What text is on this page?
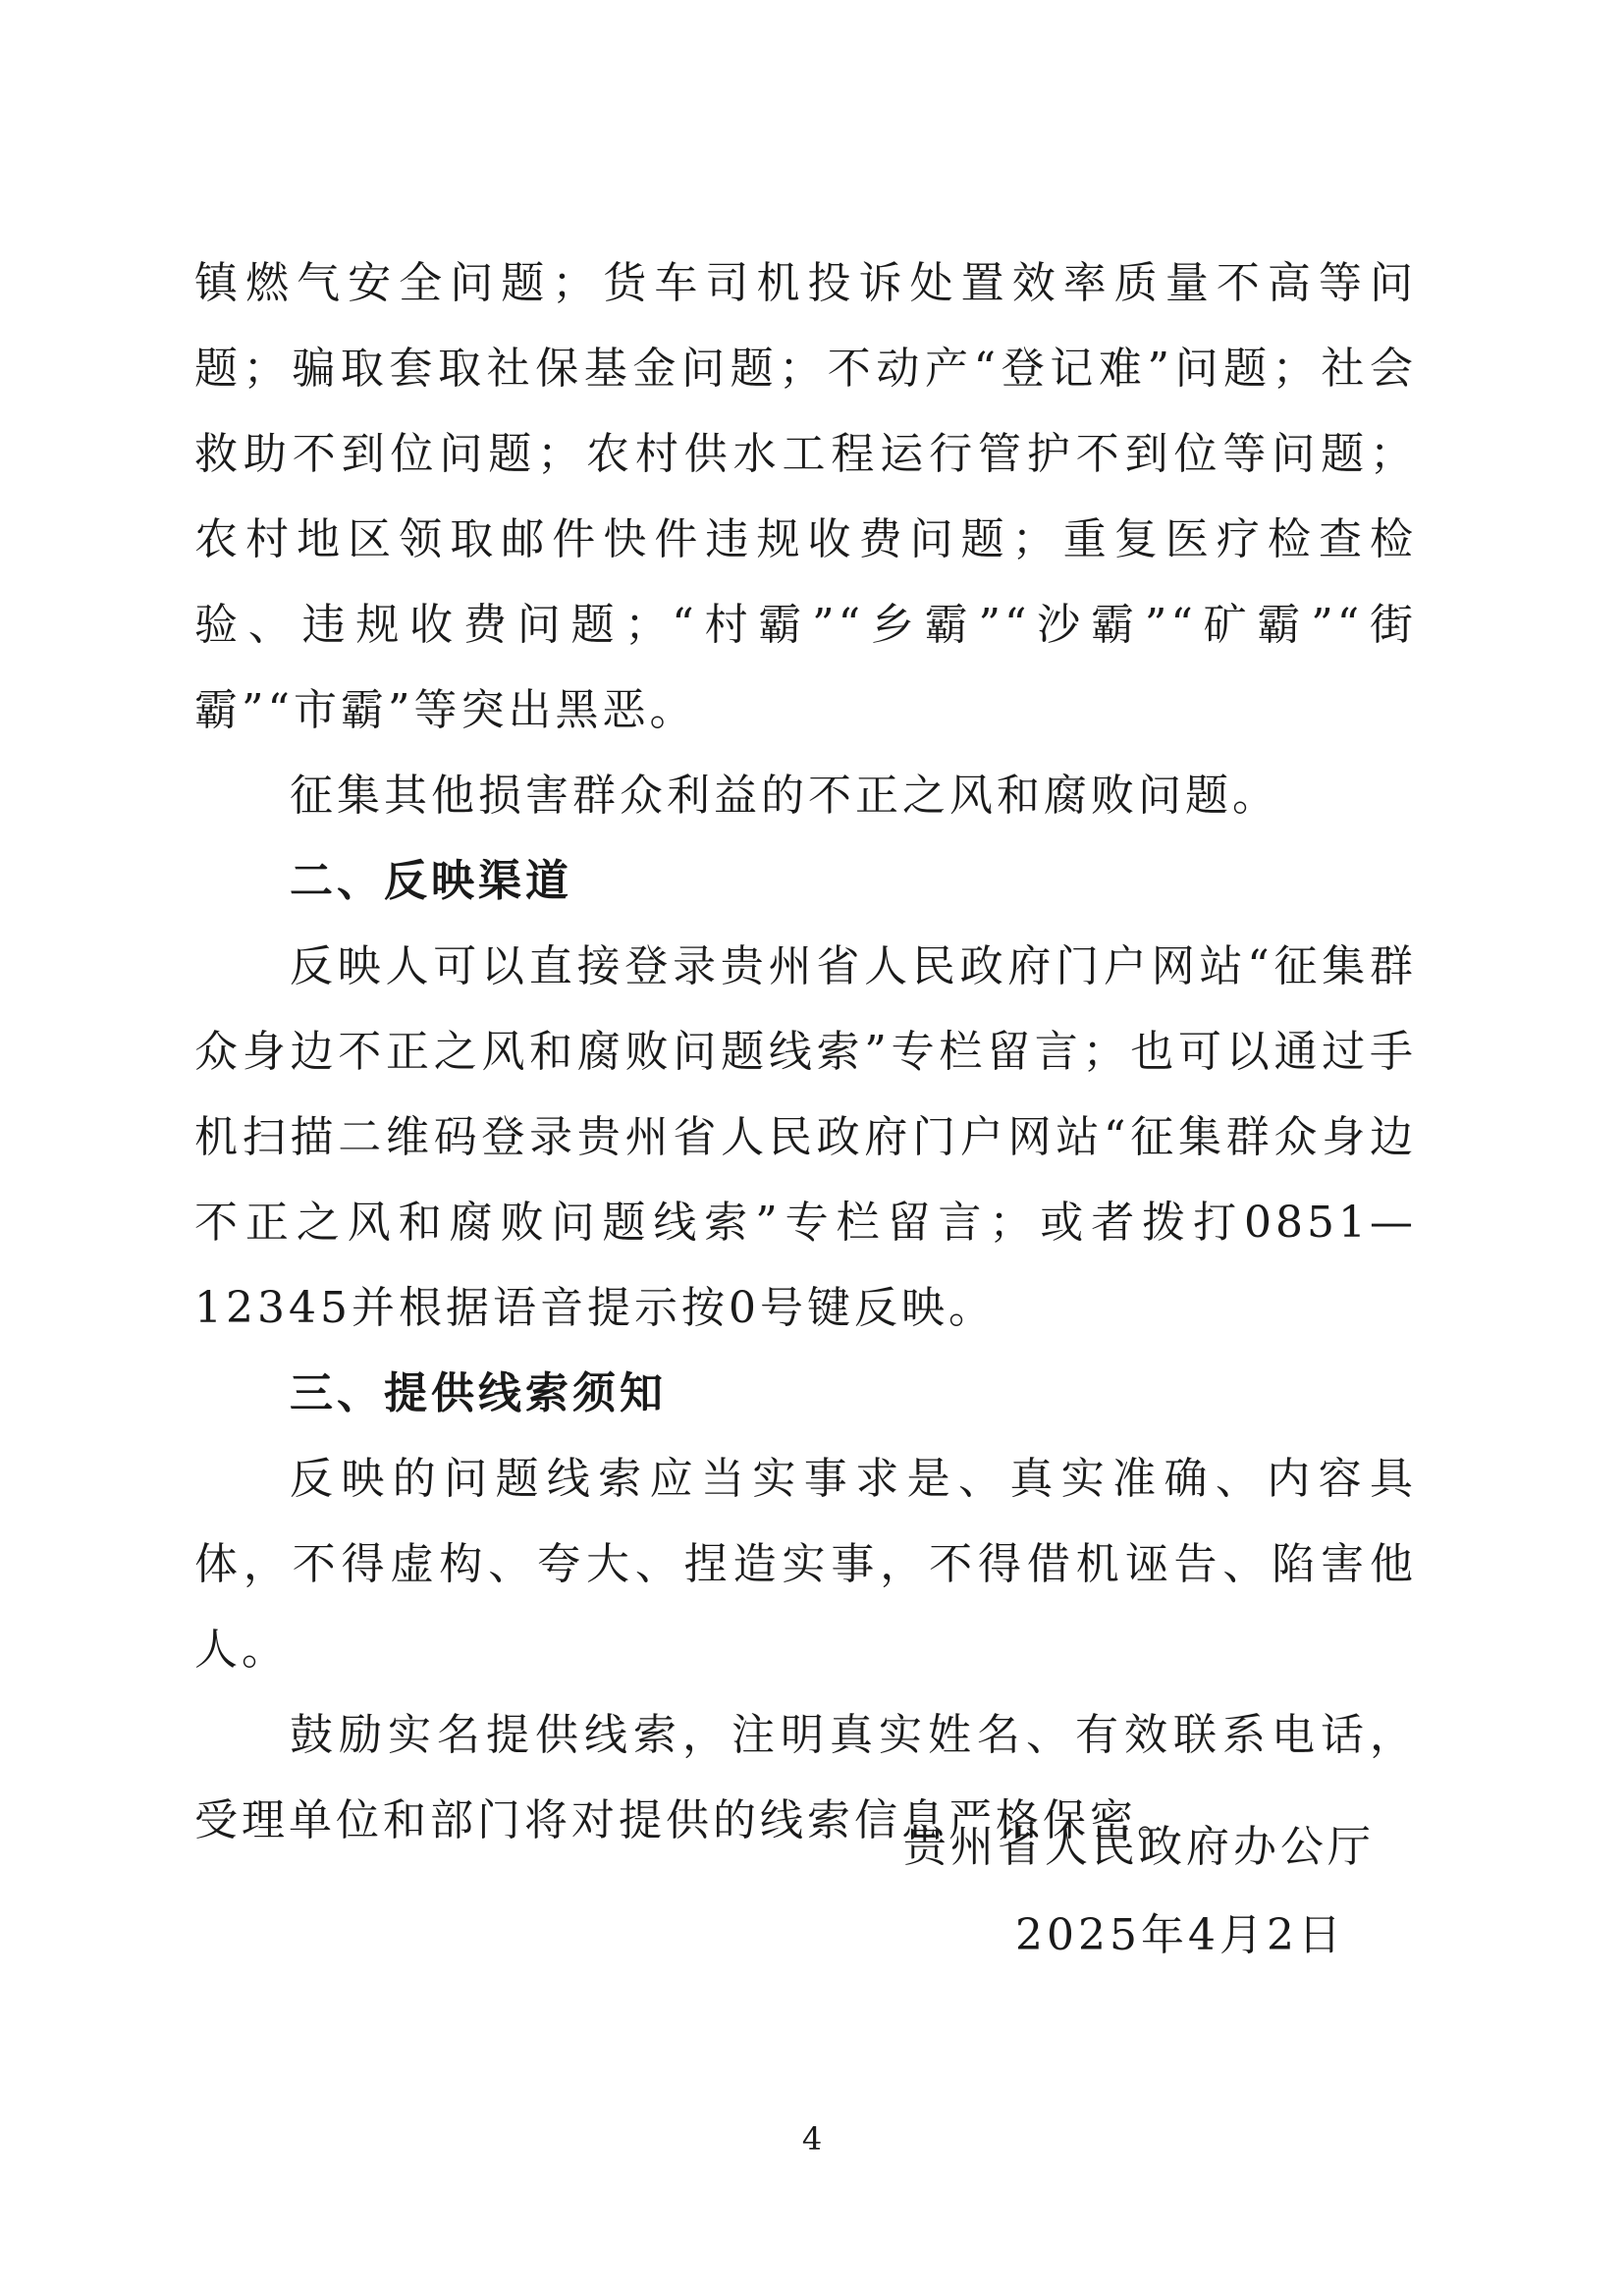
镇燃气安全问题；货车司机投诉处置效率质量不高等问题；骗取套取社保基金问题；不动产“登记难”问题；社会救助不到位问题；农村供水工程运行管护不到位等问题；农村地区领取邮件快件违规收费问题；重复医疗检查检验、违规收费问题；“村霸”“乡霸”“沙霸”“矿霸”“街霸”“市霸”等突出黑恶。

征集其他损害群众利益的不正之风和腐败问题。

二、反映渠道

反映人可以直接登录贵州省人民政府门户网站“征集群众身边不正之风和腐败问题线索”专栏留言；也可以通过手机扫描二维码登录贵州省人民政府门户网站“征集群众身边不正之风和腐败问题线索”专栏留言；或者拨打0851—12345并根据语音提示按0号键反映。

三、提供线索须知

反映的问题线索应当实事求是、真实准确、内容具体，不得虚构、夸大、捏造实事，不得借机诬告、陷害他人。

鼓励实名提供线索，注明真实姓名、有效联系电话，受理单位和部门将对提供的线索信息严格保密。

贵州省人民政府办公厅
2025年4月2日
4
